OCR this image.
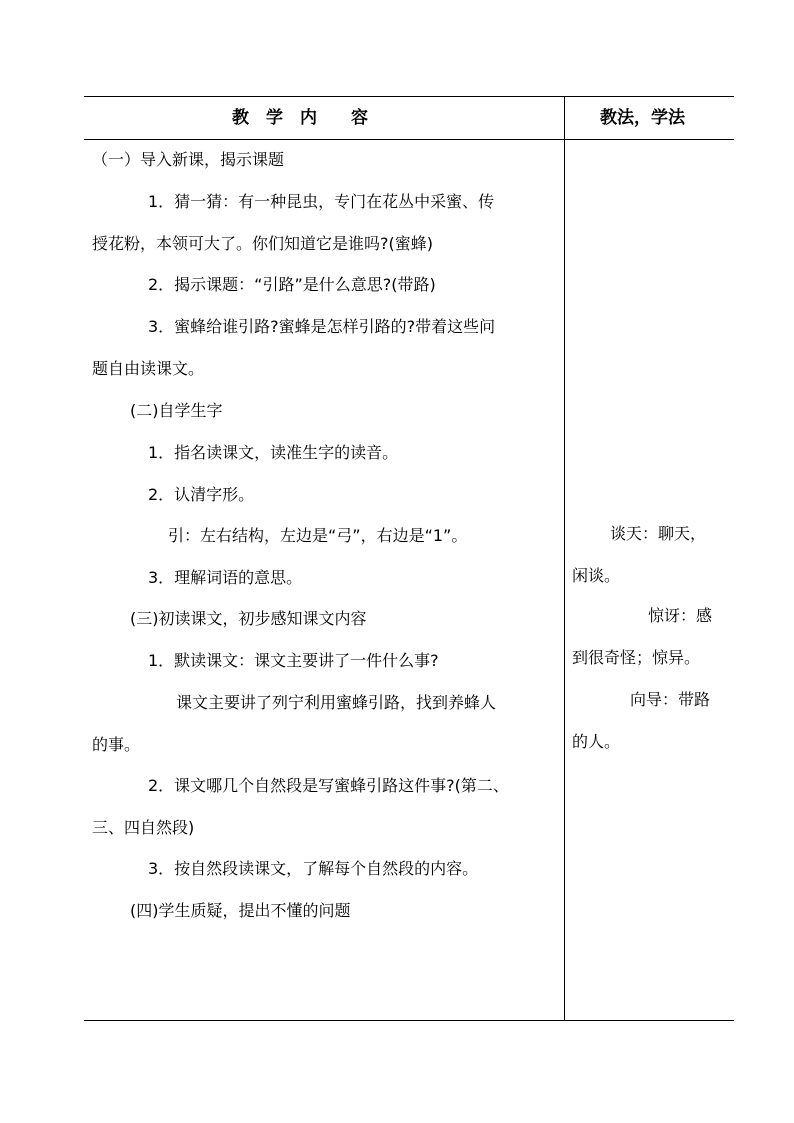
教　学　内　　容	教法，学法
（一）导入新课，揭示课题
1．猜一猜：有一种昆虫，专门在花丛中采蜜、传
授花粉，本领可大了。你们知道它是谁吗?(蜜蜂)
2．揭示课题：“引路”是什么意思?(带路)
3．蜜蜂给谁引路?蜜蜂是怎样引路的?带着这些问
题自由读课文。
(二)自学生字
1．指名读课文，读准生字的读音。
2．认清字形。
引：左右结构，左边是“弓”，右边是“1”。
3．理解词语的意思。
(三)初读课文，初步感知课文内容
1．默读课文：课文主要讲了一件什么事?
课文主要讲了列宁利用蜜蜂引路，找到养蜂人
的事。
2．课文哪几个自然段是写蜜蜂引路这件事?(第二、
三、四自然段)
3．按自然段读课文，了解每个自然段的内容。
(四)学生质疑，提出不懂的问题
谈天：聊天，
闲谈。
惊讶：感
到很奇怪；惊异。
向导：带路
的人。
